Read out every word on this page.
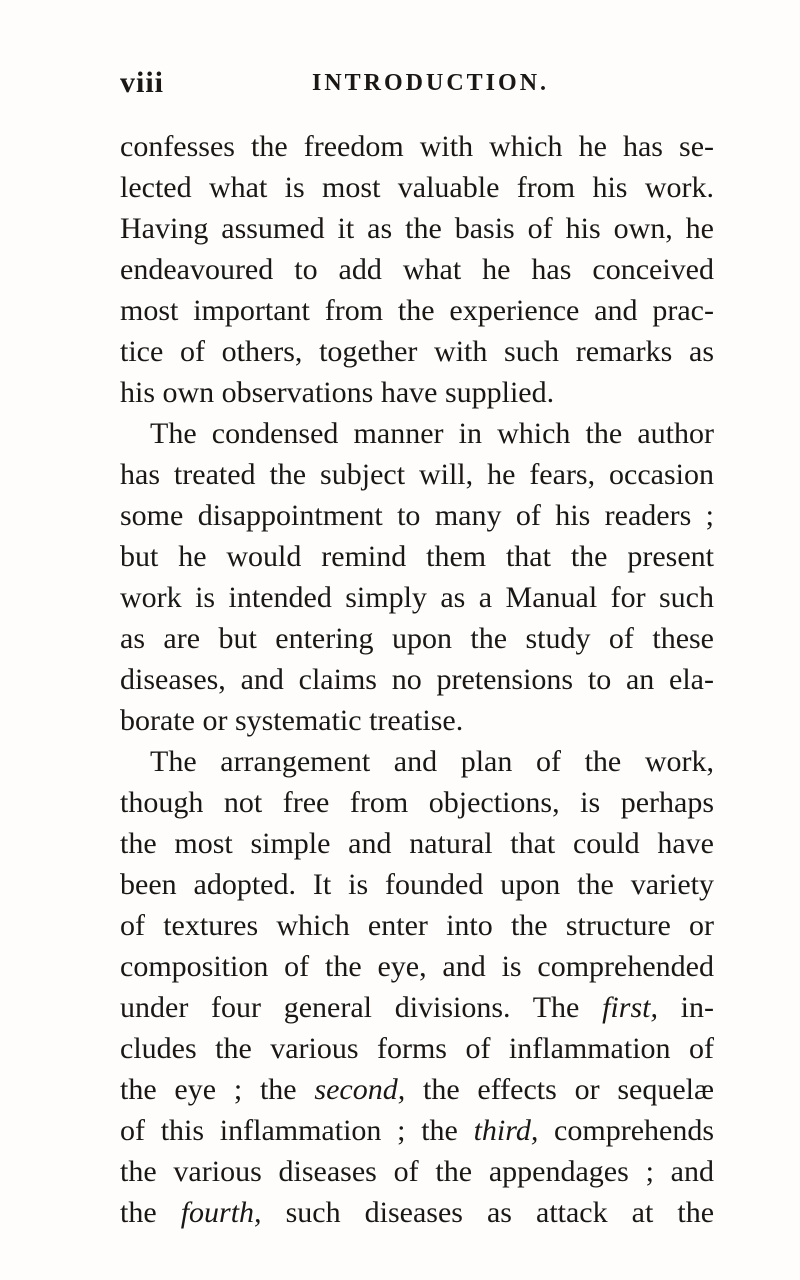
viii	INTRODUCTION.
confesses the freedom with which he has se-
lected what is most valuable from his work.
Having assumed it as the basis of his own, he
endeavoured to add what he has conceived
most important from the experience and prac-
tice of others, together with such remarks as
his own observations have supplied.
The condensed manner in which the author
has treated the subject will, he fears, occasion
some disappointment to many of his readers ;
but he would remind them that the present
work is intended simply as a Manual for such
as are but entering upon the study of these
diseases, and claims no pretensions to an ela-
borate or systematic treatise.
The arrangement and plan of the work,
though not free from objections, is perhaps
the most simple and natural that could have
been adopted. It is founded upon the variety
of textures which enter into the structure or
composition of the eye, and is comprehended
under four general divisions. The first, in-
cludes the various forms of inflammation of
the eye ; the second, the effects or sequelæ
of this inflammation ; the third, comprehends
the various diseases of the appendages ; and
the fourth, such diseases as attack at the
